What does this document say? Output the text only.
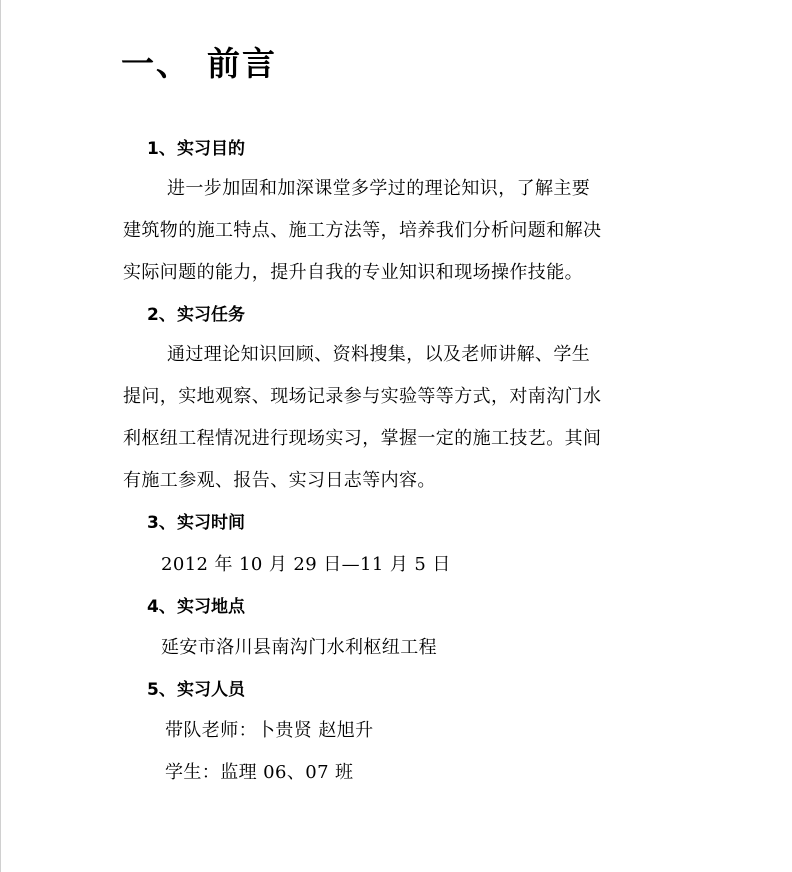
一、 前言
1、实习目的

进一步加固和加深课堂多学过的理论知识，了解主要

建筑物的施工特点、施工方法等，培养我们分析问题和解决

实际问题的能力，提升自我的专业知识和现场操作技能。

2、实习任务

通过理论知识回顾、资料搜集，以及老师讲解、学生

提问，实地观察、现场记录参与实验等等方式，对南沟门水

利枢纽工程情况进行现场实习，掌握一定的施工技艺。其间

有施工参观、报告、实习日志等内容。

3、实习时间

2012 年 10 月 29 日—11 月 5 日

4、实习地点

延安市洛川县南沟门水利枢纽工程

5、实习人员

带队老师：卜贵贤 赵旭升

学生：监理 06、07 班
